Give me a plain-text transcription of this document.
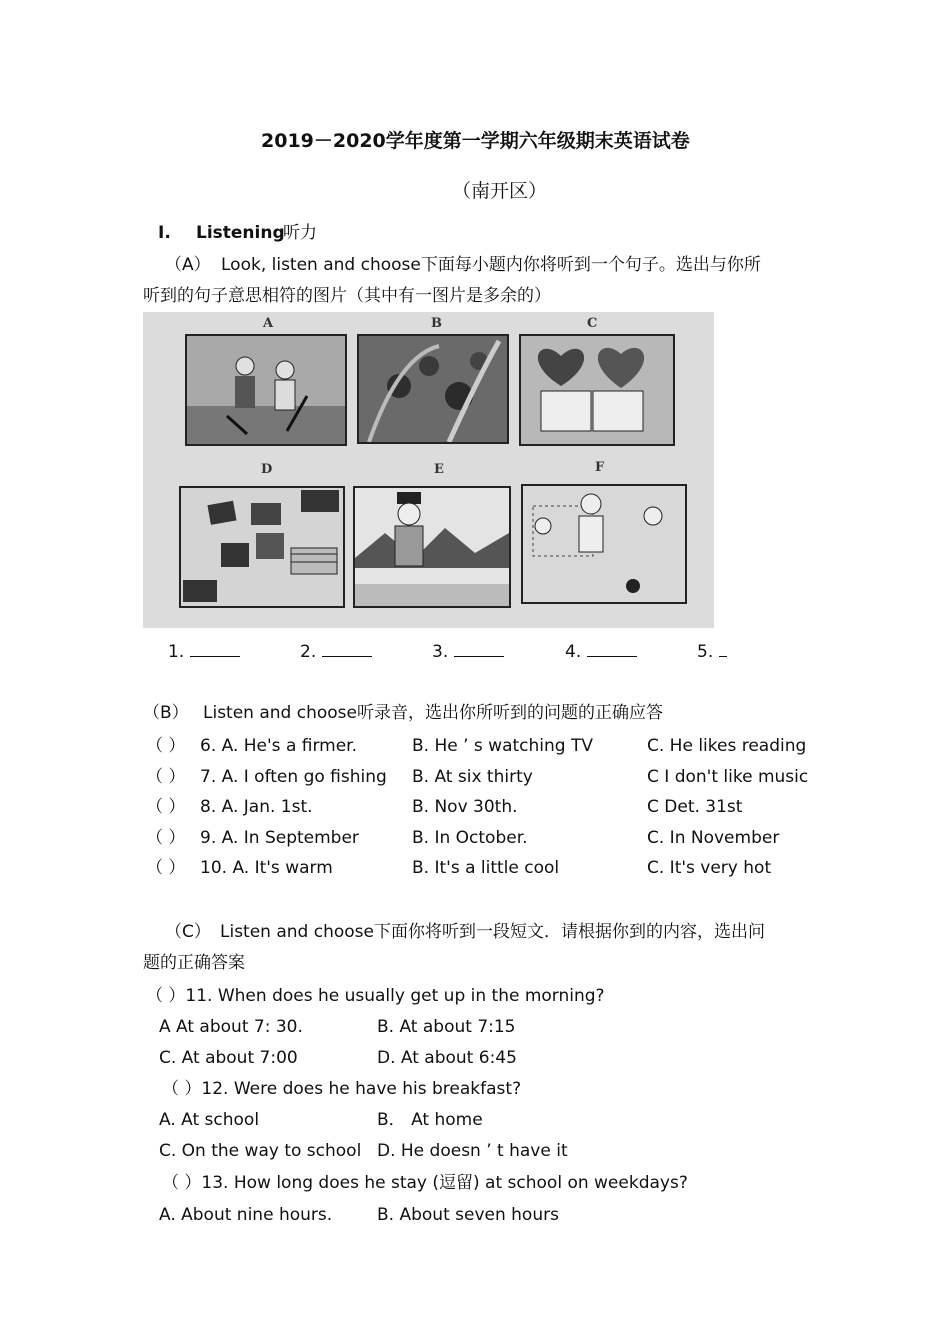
2019－2020学年度第一学期六年级期末英语试卷
（南开区）
I. Listening
听力
（A） Look, listen and choose下面每小题内你将听到一个句子。选出与你所
听到的句子意思相符的图片（其中有一图片是多余的）
A	B	C
D	E	F
1.	2.	3.	4.	5.
（B） Listen and choose听录音，选出你所听到的问题的正确应答
（ ） 6. A. He's a firmer.	B. He ’ s watching TV	C. He likes reading
（ ） 7. A. I often go fishing B. At six thirty	C I don't like music
（ ） 8. A. Jan. 1st.	B. Nov 30th.	C Det. 31st
（ ） 9. A. In September	B. In October.	C. In November
（ ） 10. A. It's warm	B. It's a little cool	C. It's very hot
（C） Listen and choose下面你将听到一段短文．请根据你到的内容，选出问
题的正确答案
（ ）11. When does he usually get up in the morning?
A At about 7: 30.	B. At about 7:15
C. At about 7:00	D. At about 6:45
（ ）12. Were does he have his breakfast?
A. At school	B． At home
C. On the way to school D. He doesn ’ t have it
（ ）13. How long does he stay (逗留) at school on weekdays?
A. About nine hours.	B. About seven hours
